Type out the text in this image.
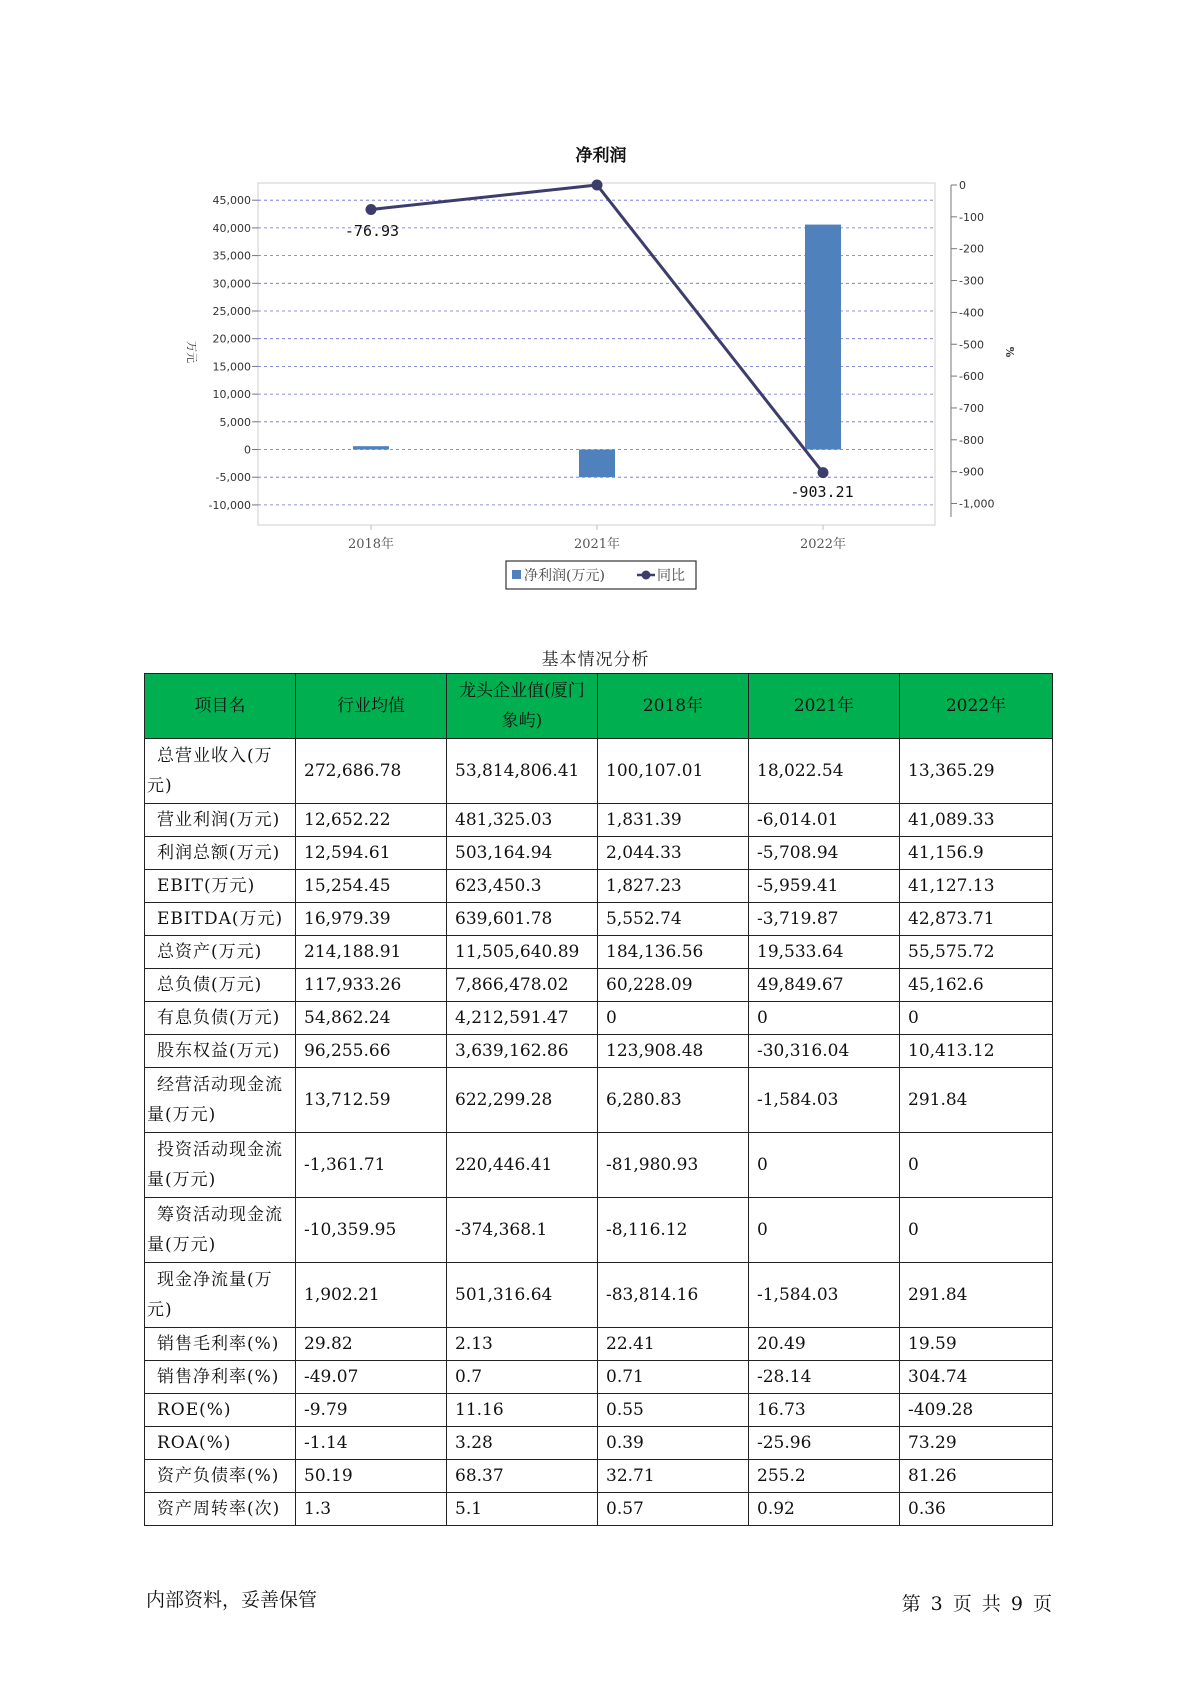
净利润
-10,000
-5,000
0
5,000
10,000
15,000
20,000
25,000
30,000
35,000
40,000
45,000
万元
0
-100
-200
-300
-400
-500
-600
-700
-800
-900
-1,000
%
2018年	2021年	2022年
-76.93
-903.21
净利润(万元)	同比
基本情况分析
项目名	行业均值	龙头企业值(厦门象屿)	2018年	2021年	2022年
总营业收入(万元)	272,686.78	53,814,806.41	100,107.01	18,022.54	13,365.29
营业利润(万元)	12,652.22	481,325.03	1,831.39	-6,014.01	41,089.33
利润总额(万元)	12,594.61	503,164.94	2,044.33	-5,708.94	41,156.9
EBIT(万元)	15,254.45	623,450.3	1,827.23	-5,959.41	41,127.13
EBITDA(万元)	16,979.39	639,601.78	5,552.74	-3,719.87	42,873.71
总资产(万元)	214,188.91	11,505,640.89	184,136.56	19,533.64	55,575.72
总负债(万元)	117,933.26	7,866,478.02	60,228.09	49,849.67	45,162.6
有息负债(万元)	54,862.24	4,212,591.47	0	0	0
股东权益(万元)	96,255.66	3,639,162.86	123,908.48	-30,316.04	10,413.12
经营活动现金流量(万元)	13,712.59	622,299.28	6,280.83	-1,584.03	291.84
投资活动现金流量(万元)	-1,361.71	220,446.41	-81,980.93	0	0
筹资活动现金流量(万元)	-10,359.95	-374,368.1	-8,116.12	0	0
现金净流量(万元)	1,902.21	501,316.64	-83,814.16	-1,584.03	291.84
销售毛利率(%)	29.82	2.13	22.41	20.49	19.59
销售净利率(%)	-49.07	0.7	0.71	-28.14	304.74
ROE(%)	-9.79	11.16	0.55	16.73	-409.28
ROA(%)	-1.14	3.28	0.39	-25.96	73.29
资产负债率(%)	50.19	68.37	32.71	255.2	81.26
资产周转率(次)	1.3	5.1	0.57	0.92	0.36
内部资料，妥善保管	第 3 页 共 9 页
